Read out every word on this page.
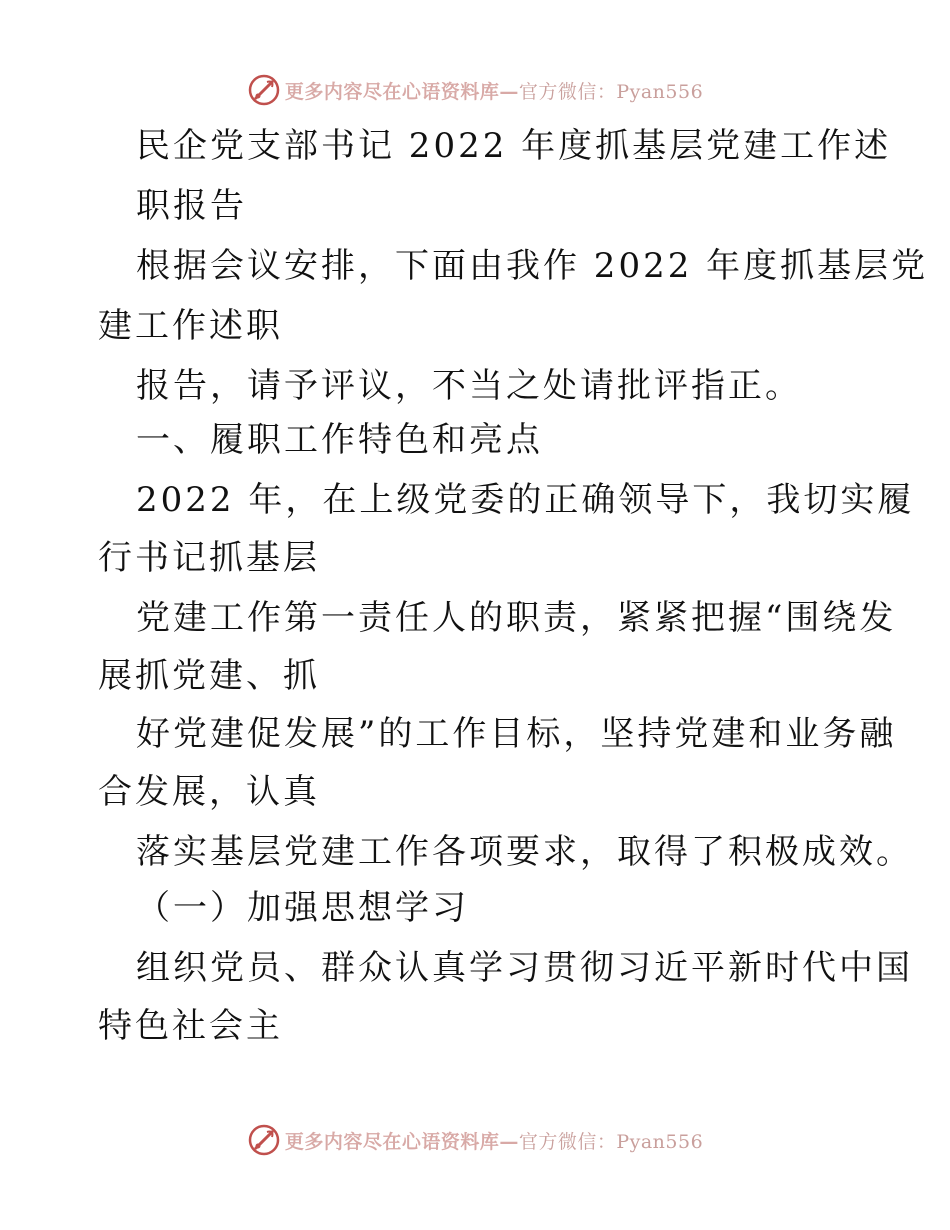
更多内容尽在心语资料库—官方微信：Pyan556
民企党支部书记 2022 年度抓基层党建工作述
职报告
根据会议安排，下面由我作 2022 年度抓基层党
建工作述职
报告，请予评议，不当之处请批评指正。
一、履职工作特色和亮点
2022 年，在上级党委的正确领导下，我切实履
行书记抓基层
党建工作第一责任人的职责，紧紧把握“围绕发
展抓党建、抓
好党建促发展”的工作目标，坚持党建和业务融
合发展，认真
落实基层党建工作各项要求，取得了积极成效。
（一）加强思想学习
组织党员、群众认真学习贯彻习近平新时代中国
特色社会主
更多内容尽在心语资料库—官方微信：Pyan556
